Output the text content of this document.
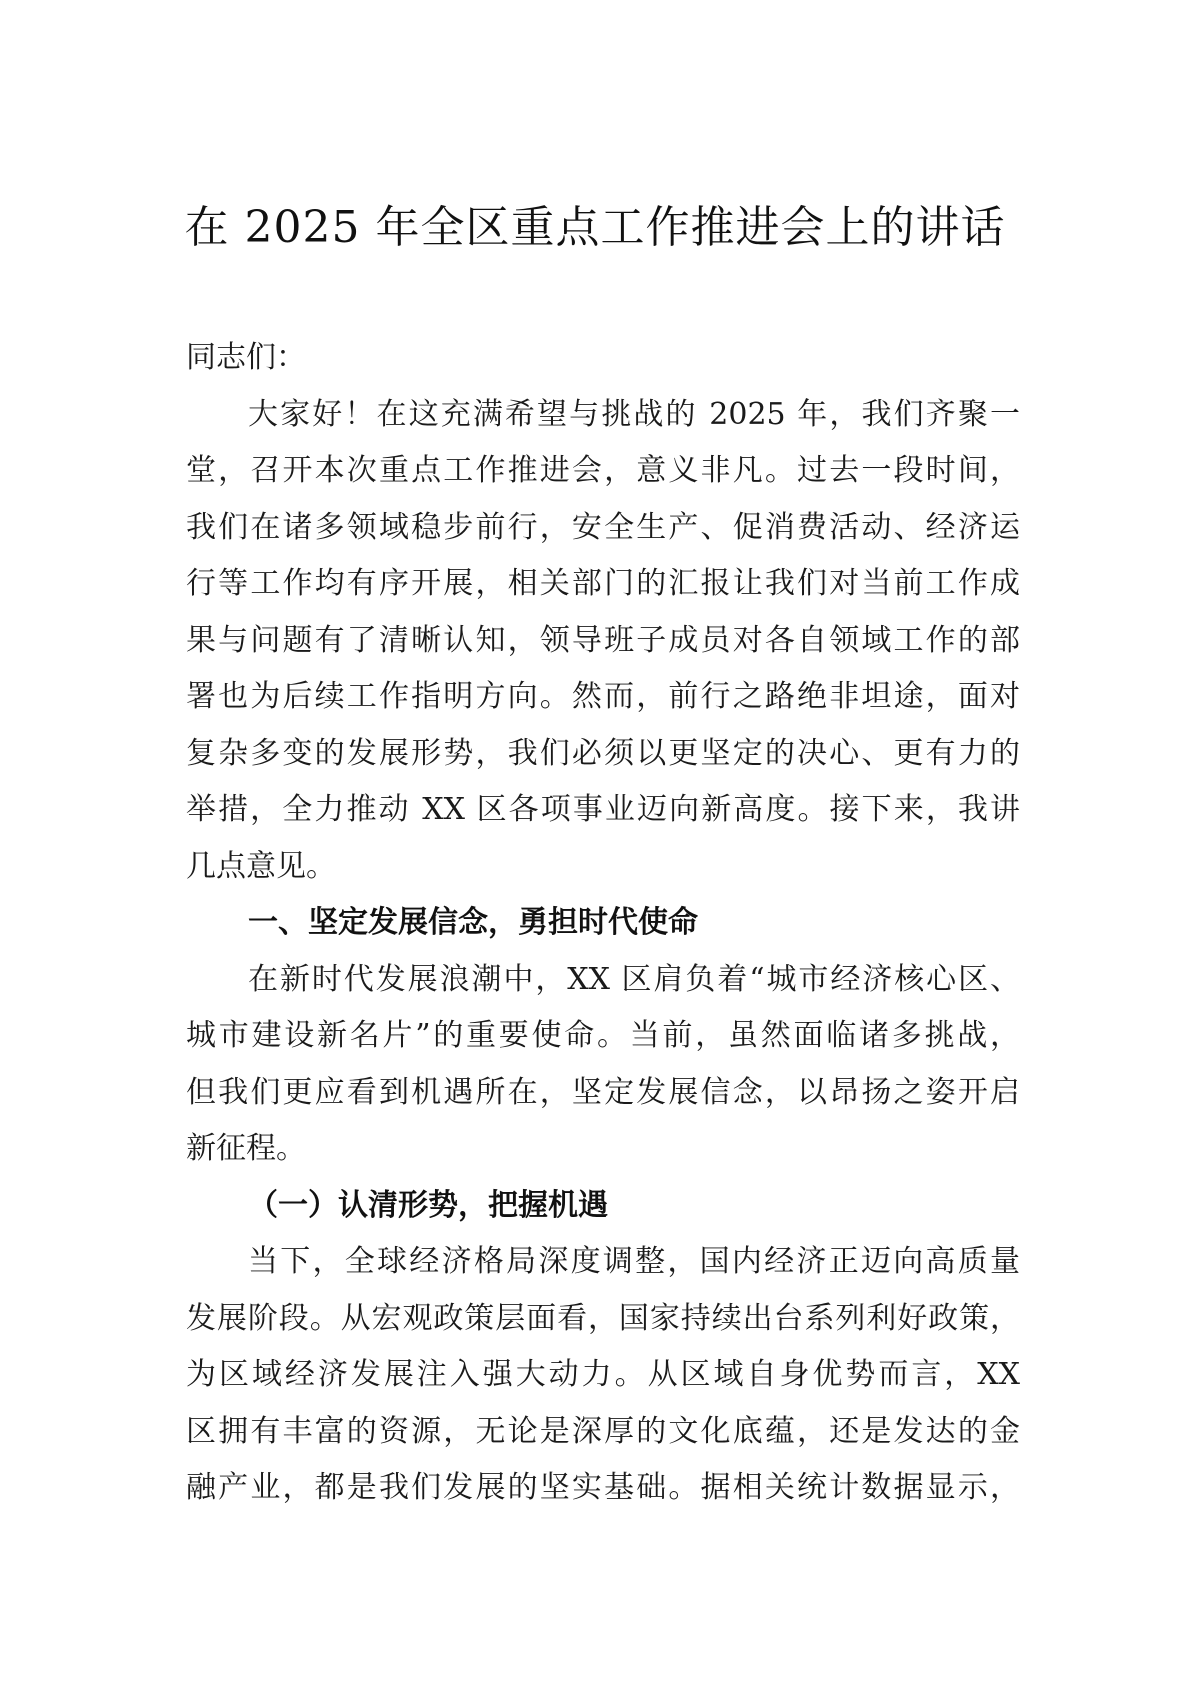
在 2025 年全区重点工作推进会上的讲话
同志们：
大家好！在这充满希望与挑战的 2025 年，我们齐聚一
堂，召开本次重点工作推进会，意义非凡。过去一段时间，
我们在诸多领域稳步前行，安全生产、促消费活动、经济运
行等工作均有序开展，相关部门的汇报让我们对当前工作成
果与问题有了清晰认知，领导班子成员对各自领域工作的部
署也为后续工作指明方向。然而，前行之路绝非坦途，面对
复杂多变的发展形势，我们必须以更坚定的决心、更有力的
举措，全力推动 XX 区各项事业迈向新高度。接下来，我讲
几点意见。
一、坚定发展信念，勇担时代使命
在新时代发展浪潮中，XX 区肩负着“城市经济核心区、
城市建设新名片”的重要使命。当前，虽然面临诸多挑战，
但我们更应看到机遇所在，坚定发展信念，以昂扬之姿开启
新征程。
（一）认清形势，把握机遇
当下，全球经济格局深度调整，国内经济正迈向高质量
发展阶段。从宏观政策层面看，国家持续出台系列利好政策，
为区域经济发展注入强大动力。从区域自身优势而言，XX
区拥有丰富的资源，无论是深厚的文化底蕴，还是发达的金
融产业，都是我们发展的坚实基础。据相关统计数据显示，
